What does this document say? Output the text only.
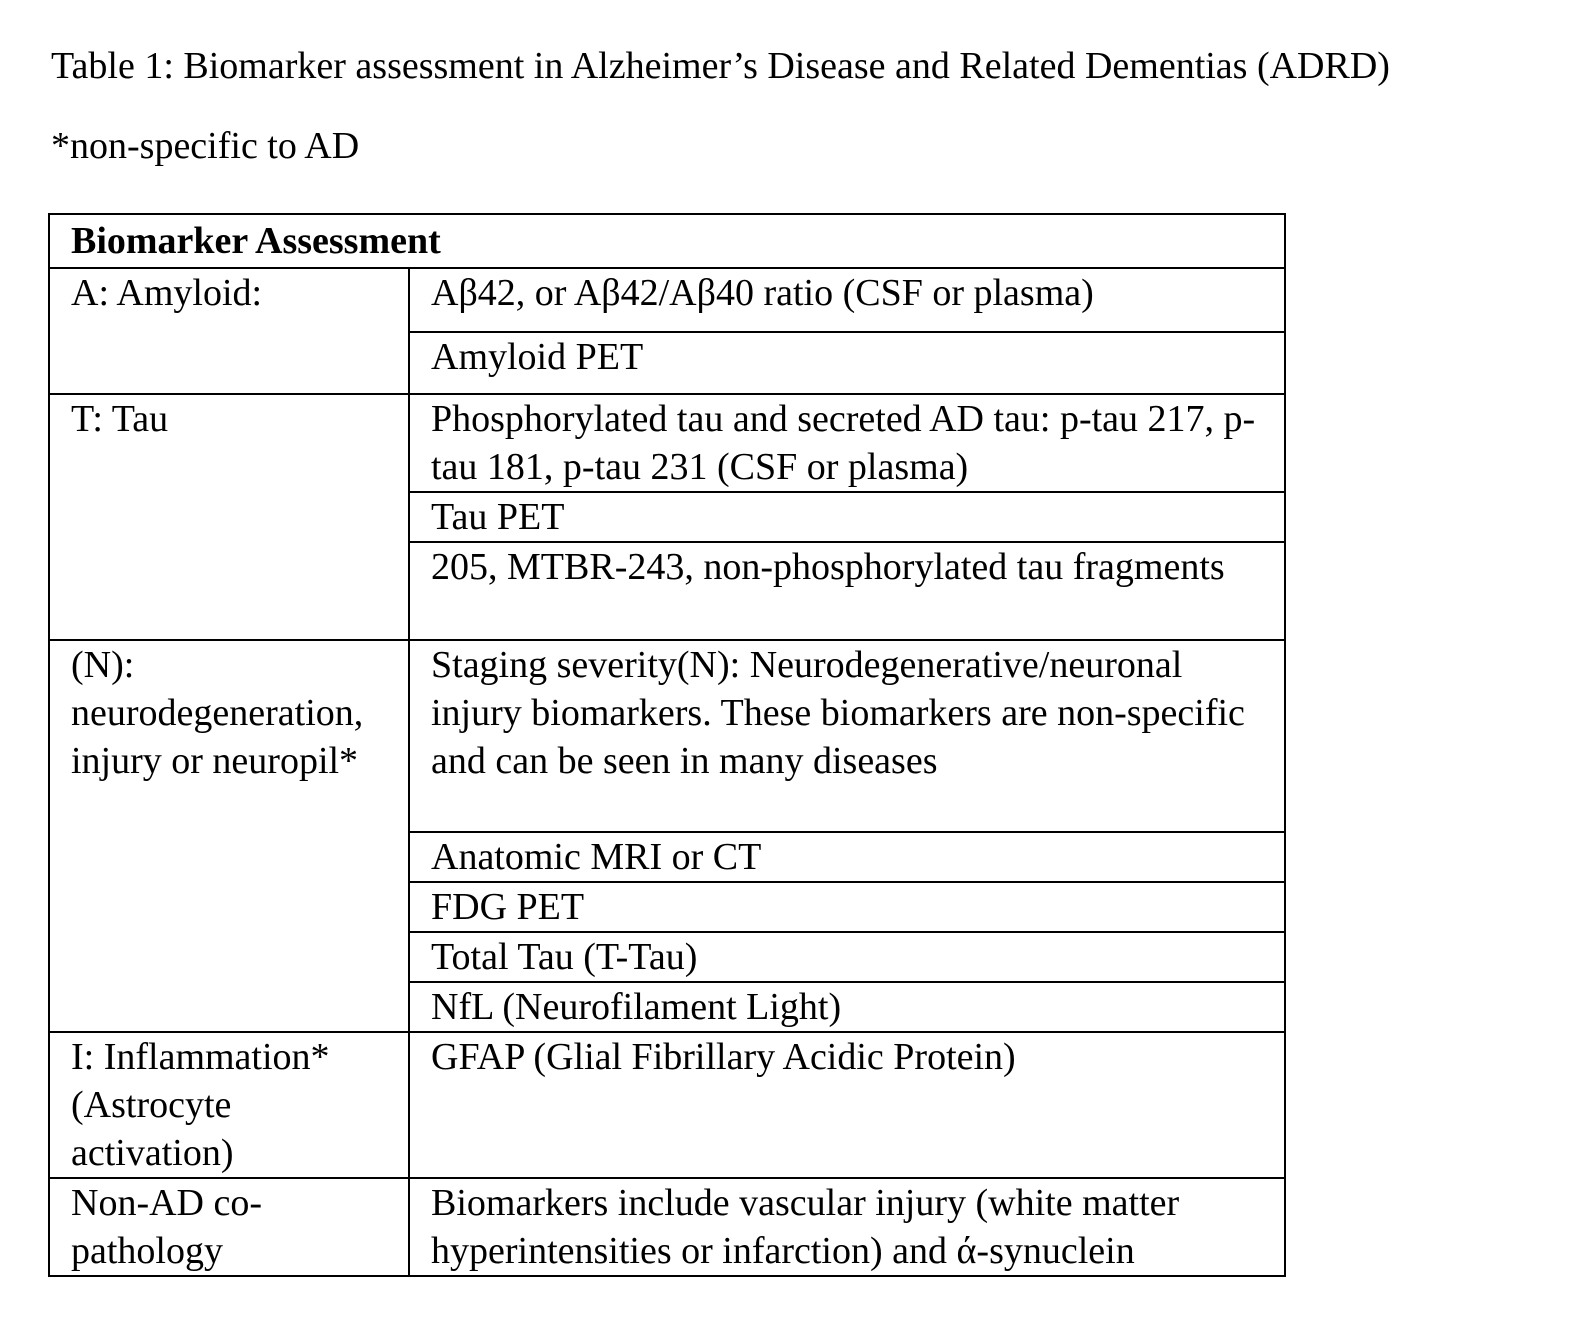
Table 1: Biomarker assessment in Alzheimer’s Disease and Related Dementias (ADRD)
*non-specific to AD
Biomarker Assessment	
A: Amyloid:	Aβ42, or Aβ42/Aβ40 ratio (CSF or plasma)
	Amyloid PET
T: Tau	Phosphorylated tau and secreted AD tau: p-tau 217, p-tau 181, p-tau 231 (CSF or plasma)
	Tau PET
	205, MTBR-243, non-phosphorylated tau fragments

(N):
neurodegeneration,
injury or neuropil*	Staging severity(N): Neurodegenerative/neuronal injury biomarkers. These biomarkers are non-specific and can be seen in many diseases
	Anatomic MRI or CT
	FDG PET
	Total Tau (T-Tau)
	NfL (Neurofilament Light)

I: Inflammation*
(Astrocyte
activation)	GFAP (Glial Fibrillary Acidic Protein)

Non-AD co-
pathology	Biomarkers include vascular injury (white matter hyperintensities or infarction) and ά-synuclein
